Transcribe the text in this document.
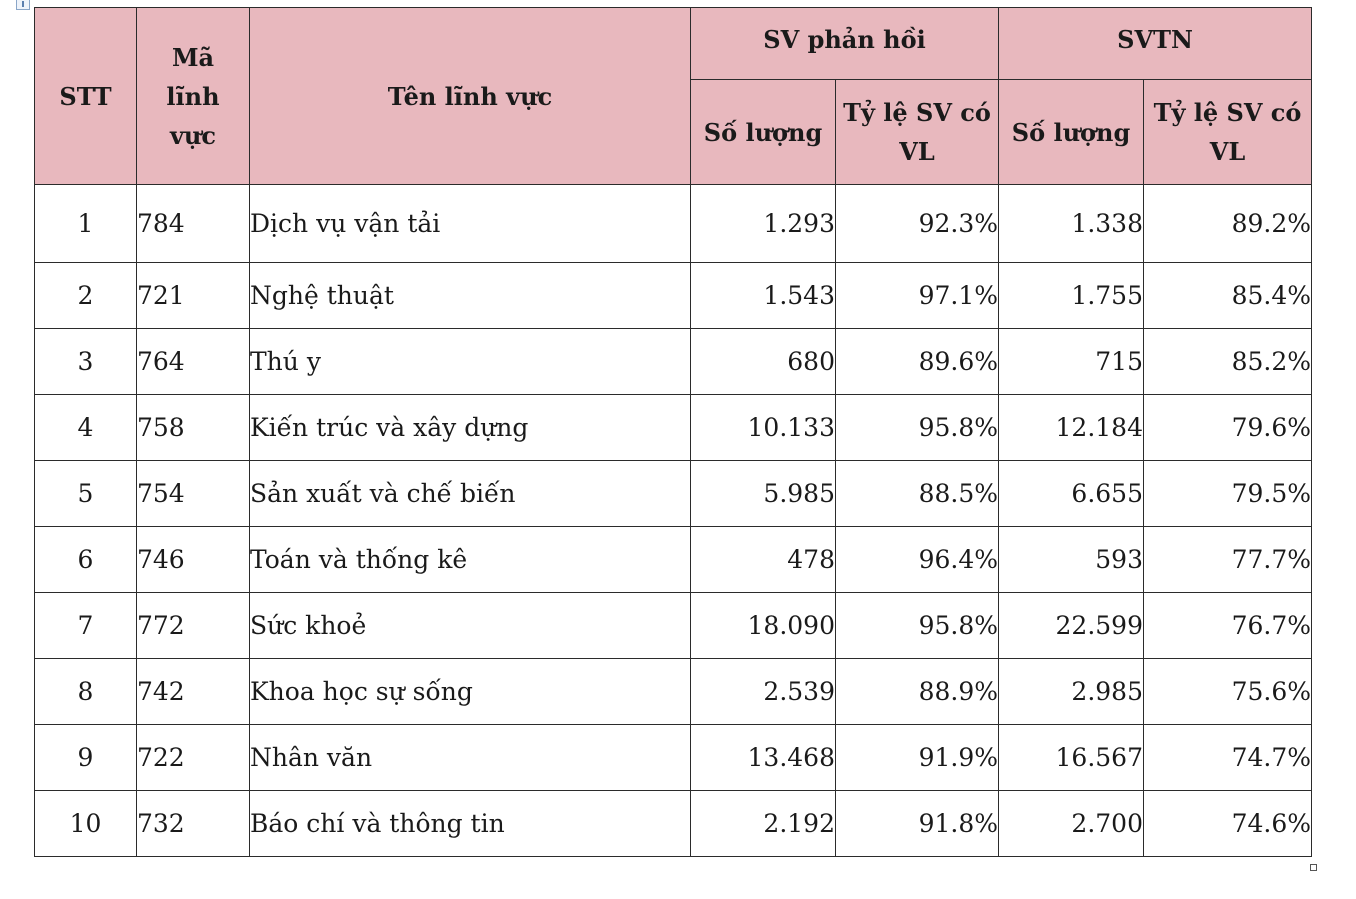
STT	Mã lĩnh vực	Tên lĩnh vực	SV phản hồi		SVTN	
			Số lượng	Tỷ lệ SV có VL	Số lượng	Tỷ lệ SV có VL
1	784	Dịch vụ vận tải	1.293	92.3%	1.338	89.2%
2	721	Nghệ thuật	1.543	97.1%	1.755	85.4%
3	764	Thú y	680	89.6%	715	85.2%
4	758	Kiến trúc và xây dựng	10.133	95.8%	12.184	79.6%
5	754	Sản xuất và chế biến	5.985	88.5%	6.655	79.5%
6	746	Toán và thống kê	478	96.4%	593	77.7%
7	772	Sức khoẻ	18.090	95.8%	22.599	76.7%
8	742	Khoa học sự sống	2.539	88.9%	2.985	75.6%
9	722	Nhân văn	13.468	91.9%	16.567	74.7%
10	732	Báo chí và thông tin	2.192	91.8%	2.700	74.6%
